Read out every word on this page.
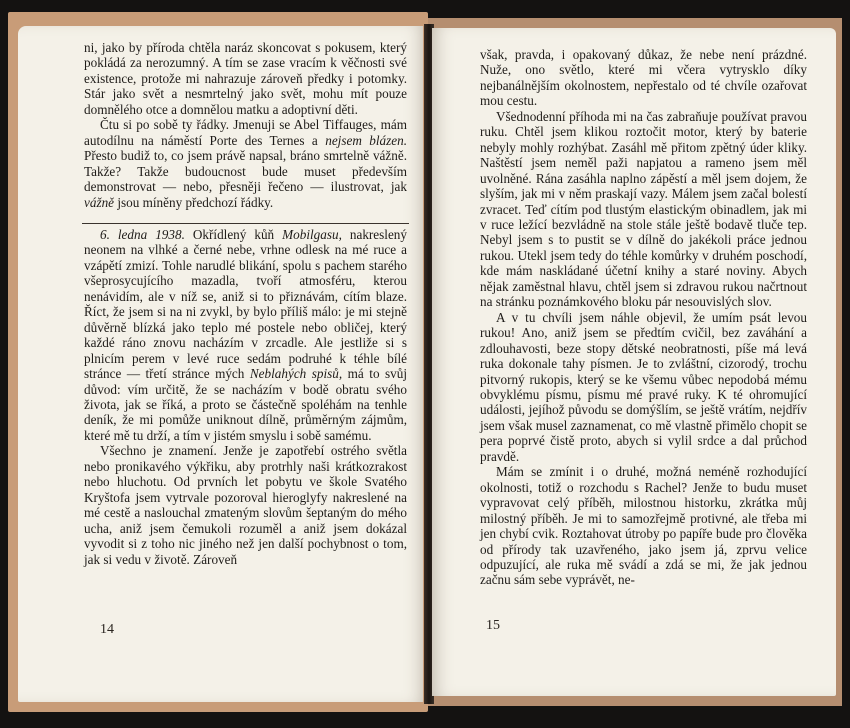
ni, jako by příroda chtěla naráz skoncovat s pokusem, který pokládá za nerozumný. A tím se zase vracím k věčnosti své existence, protože mi nahrazuje zároveň předky i potomky. Stár jako svět a nesmrtelný jako svět, mohu mít pouze domnělého otce a domnělou matku a adoptivní děti.

Čtu si po sobě ty řádky. Jmenuji se Abel Tiffauges, mám autodílnu na náměstí Porte des Ternes a nejsem blázen. Přesto budiž to, co jsem právě napsal, bráno smrtelně vážně. Takže? Takže budoucnost bude muset především demonstrovat — nebo, přesněji řečeno — ilustrovat, jak vážně jsou míněny předchozí řádky.

6. ledna 1938. Okřídlený kůň Mobilgasu, nakreslený neonem na vlhké a černé nebe, vrhne odlesk na mé ruce a vzápětí zmizí. Tohle narudlé blikání, spolu s pachem starého všeprosycujícího mazadla, tvoří atmosféru, kterou nenávidím, ale v níž se, aniž si to přiznávám, cítím blaze. Říct, že jsem si na ni zvykl, by bylo příliš málo: je mi stejně důvěrně blízká jako teplo mé postele nebo obličej, který každé ráno znovu nacházím v zrcadle. Ale jestliže si s plnicím perem v levé ruce sedám podruhé k téhle bílé stránce — třetí stránce mých Neblahých spisů, má to svůj důvod: vím určitě, že se nacházím v bodě obratu svého života, jak se říká, a proto se částečně spoléhám na tenhle deník, že mi pomůže uniknout dílně, průměrným zájmům, které mě tu drží, a tím v jistém smyslu i sobě samému.

Všechno je znamení. Jenže je zapotřebí ostrého světla nebo pronikavého výkřiku, aby protrhly naši krátkozrakost nebo hluchotu. Od prvních let pobytu ve škole Svatého Kryštofa jsem vytrvale pozoroval hieroglyfy nakreslené na mé cestě a naslouchal zmateným slovům šeptaným do mého ucha, aniž jsem čemukoli rozuměl a aniž jsem dokázal vyvodit si z toho nic jiného než jen další pochybnost o tom, jak si vedu v životě. Zároveň

14

však, pravda, i opakovaný důkaz, že nebe není prázdné. Nuže, ono světlo, které mi včera vytrysklo díky nejbanálnějším okolnostem, nepřestalo od té chvíle ozařovat mou cestu.

Všednodenní příhoda mi na čas zabraňuje používat pravou ruku. Chtěl jsem klikou roztočit motor, který by baterie nebyly mohly rozhýbat. Zasáhl mě přitom zpětný úder kliky. Naštěstí jsem neměl paži napjatou a rameno jsem měl uvolněné. Rána zasáhla naplno zápěstí a měl jsem dojem, že slyším, jak mi v něm praskají vazy. Málem jsem začal bolestí zvracet. Teď cítím pod tlustým elastickým obinadlem, jak mi v ruce ležící bezvládně na stole stále ještě bodavě tluče tep. Nebyl jsem s to pustit se v dílně do jakékoli práce jednou rukou. Utekl jsem tedy do téhle komůrky v druhém poschodí, kde mám naskládané účetní knihy a staré noviny. Abych nějak zaměstnal hlavu, chtěl jsem si zdravou rukou načrtnout na stránku poznámkového bloku pár nesouvislých slov.

A v tu chvíli jsem náhle objevil, že umím psát levou rukou! Ano, aniž jsem se předtím cvičil, bez zaváhání a zdlouhavosti, beze stopy dětské neobratnosti, píše má levá ruka dokonale tahy písmen. Je to zvláštní, cizorodý, trochu pitvorný rukopis, který se ke všemu vůbec nepodobá mému obvyklému písmu, písmu mé pravé ruky. K té ohromující události, jejíhož původu se domýšlím, se ještě vrátím, nejdřív jsem však musel zaznamenat, co mě vlastně přimělo chopit se pera poprvé čistě proto, abych si vylil srdce a dal průchod pravdě.

Mám se zmínit i o druhé, možná neméně rozhodující okolnosti, totiž o rozchodu s Rachel? Jenže to budu muset vypravovat celý příběh, milostnou historku, zkrátka můj milostný příběh. Je mi to samozřejmě protivné, ale třeba mi jen chybí cvik. Roztahovat útroby po papíře bude pro člověka od přírody tak uzavřeného, jako jsem já, zprvu velice odpuzující, ale ruka mě svádí a zdá se mi, že jak jednou začnu sám sebe vyprávět, ne-

15
